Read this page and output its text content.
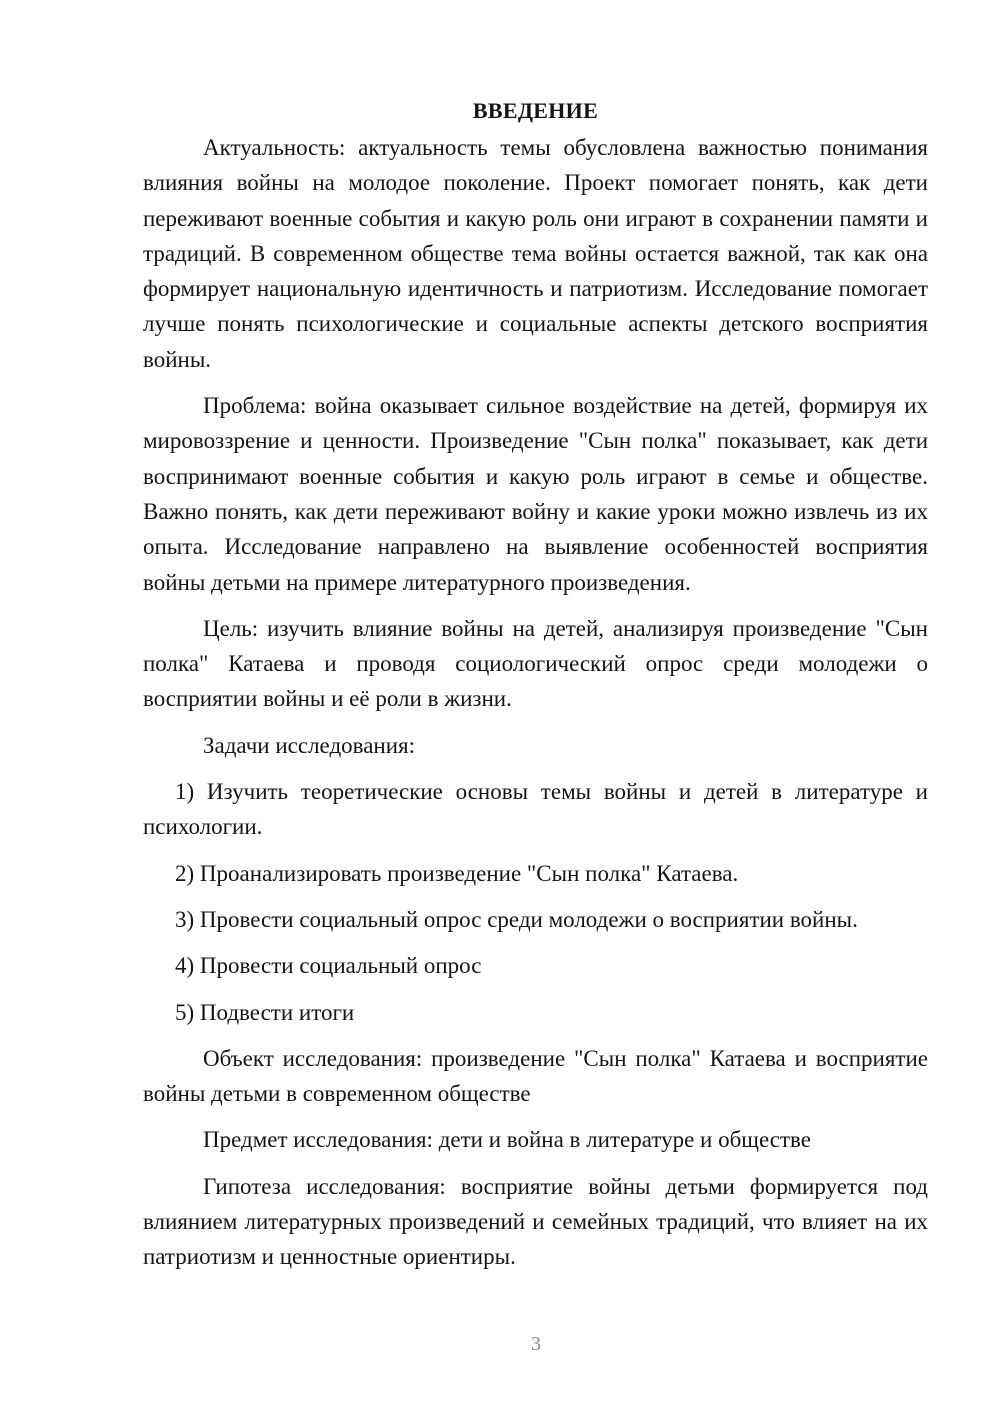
ВВЕДЕНИЕ

Актуальность: актуальность темы обусловлена важностью понимания влияния войны на молодое поколение. Проект помогает понять, как дети переживают военные события и какую роль они играют в сохранении памяти и традиций. В современном обществе тема войны остается важной, так как она формирует национальную идентичность и патриотизм. Исследование помогает лучше понять психологические и социальные аспекты детского восприятия войны.

Проблема: война оказывает сильное воздействие на детей, формируя их мировоззрение и ценности. Произведение "Сын полка" показывает, как дети воспринимают военные события и какую роль играют в семье и обществе. Важно понять, как дети переживают войну и какие уроки можно извлечь из их опыта. Исследование направлено на выявление особенностей восприятия войны детьми на примере литературного произведения.

Цель: изучить влияние войны на детей, анализируя произведение "Сын полка" Катаева и проводя социологический опрос среди молодежи о восприятии войны и её роли в жизни.

Задачи исследования:

1) Изучить теоретические основы темы войны и детей в литературе и психологии.

2) Проанализировать произведение "Сын полка" Катаева.

3) Провести социальный опрос среди молодежи о восприятии войны.

4) Провести социальный опрос

5) Подвести итоги

Объект исследования: произведение "Сын полка" Катаева и восприятие войны детьми в современном обществе

Предмет исследования: дети и война в литературе и обществе

Гипотеза исследования: восприятие войны детьми формируется под влиянием литературных произведений и семейных традиций, что влияет на их патриотизм и ценностные ориентиры.

3
